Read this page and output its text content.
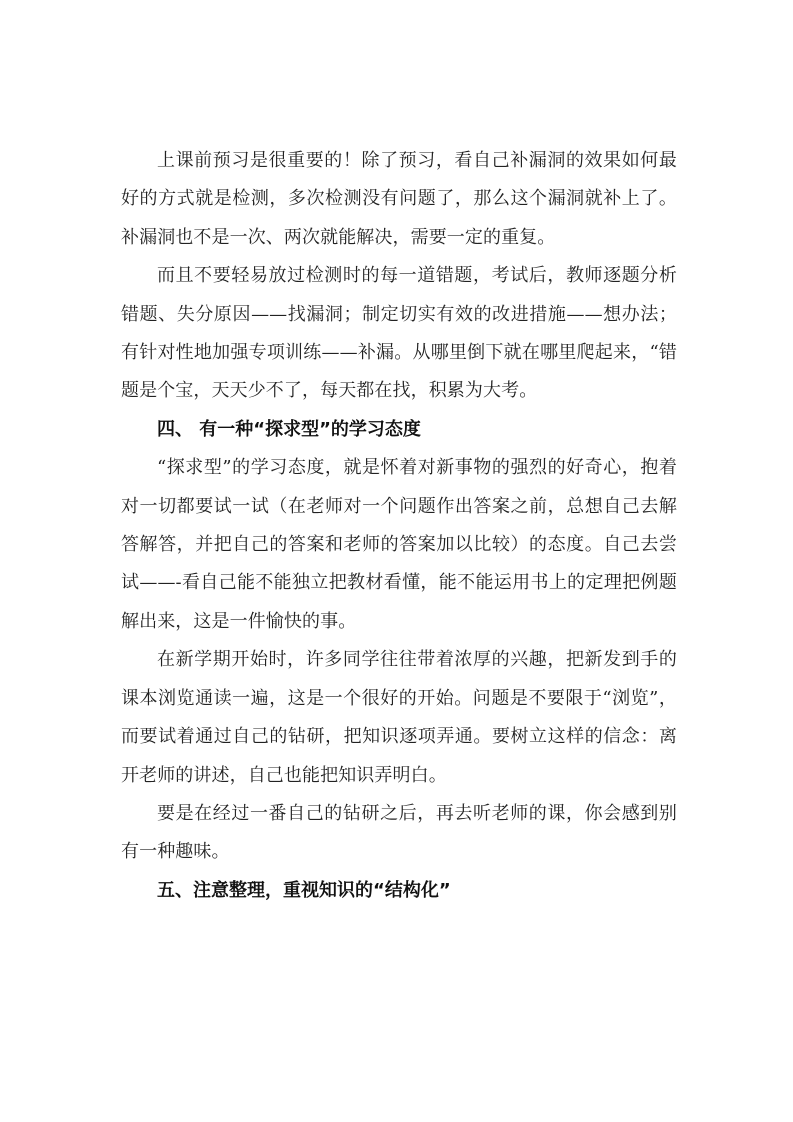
上课前预习是很重要的！除了预习，看自己补漏洞的效果如何最好的方式就是检测，多次检测没有问题了，那么这个漏洞就补上了。补漏洞也不是一次、两次就能解决，需要一定的重复。

而且不要轻易放过检测时的每一道错题，考试后，教师逐题分析错题、失分原因——找漏洞；制定切实有效的改进措施——想办法；有针对性地加强专项训练——补漏。从哪里倒下就在哪里爬起来，“错题是个宝，天天少不了，每天都在找，积累为大考。

四、 有一种“探求型”的学习态度

“探求型”的学习态度，就是怀着对新事物的强烈的好奇心，抱着对一切都要试一试（在老师对一个问题作出答案之前，总想自己去解答解答，并把自己的答案和老师的答案加以比较）的态度。自己去尝试——-看自己能不能独立把教材看懂，能不能运用书上的定理把例题解出来，这是一件愉快的事。

在新学期开始时，许多同学往往带着浓厚的兴趣，把新发到手的课本浏览通读一遍，这是一个很好的开始。问题是不要限于“浏览”，而要试着通过自己的钻研，把知识逐项弄通。要树立这样的信念：离开老师的讲述，自己也能把知识弄明白。

要是在经过一番自己的钻研之后，再去听老师的课，你会感到别有一种趣味。

五、注意整理，重视知识的“结构化”
